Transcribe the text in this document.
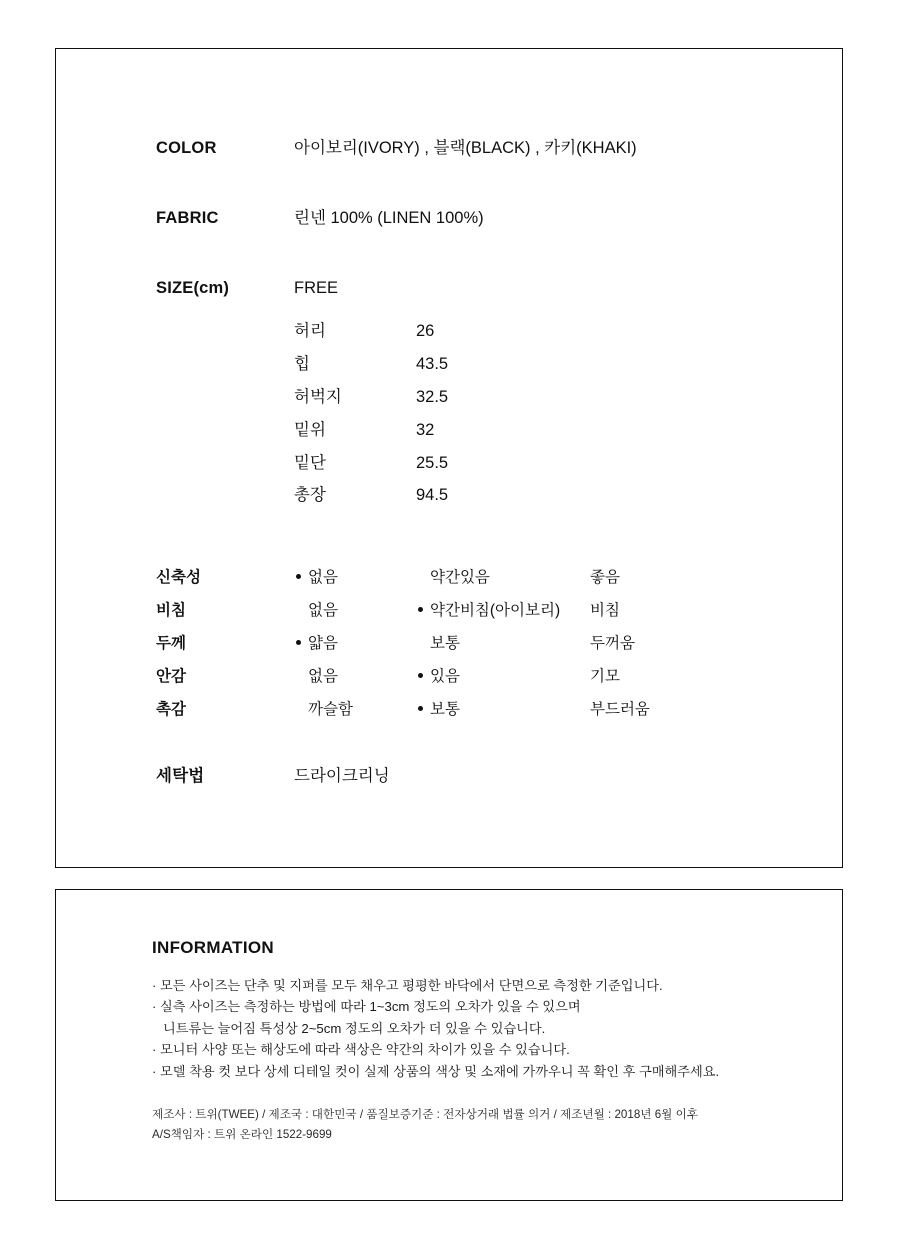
COLOR	아이보리(IVORY) , 블랙(BLACK) , 카키(KHAKI)
FABRIC	린넨 100% (LINEN 100%)
SIZE(cm)	FREE
허리	26
힙	43.5
허벅지	32.5
밑위	32
밑단	25.5
총장	94.5
신축성	없음	약간있음	좋음
비침	없음	약간비침(아이보리)	비침
두께	얇음	보통	두꺼움
안감	없음	있음	기모
촉감	까슬함	보통	부드러움
세탁법	드라이크리닝
INFORMATION
· 모든 사이즈는 단추 및 지퍼를 모두 채우고 평평한 바닥에서 단면으로 측정한 기준입니다.
· 실측 사이즈는 측정하는 방법에 따라 1~3cm 정도의 오차가 있을 수 있으며
니트류는 늘어짐 특성상 2~5cm 정도의 오차가 더 있을 수 있습니다.
· 모니터 사양 또는 해상도에 따라 색상은 약간의 차이가 있을 수 있습니다.
· 모델 착용 컷 보다 상세 디테일 컷이 실제 상품의 색상 및 소재에 가까우니 꼭 확인 후 구매해주세요.
제조사 : 트위(TWEE) / 제조국 : 대한민국 / 품질보증기준 : 전자상거래 법률 의거 / 제조년월 : 2018년 6월 이후
A/S책임자 : 트위 온라인 1522-9699
